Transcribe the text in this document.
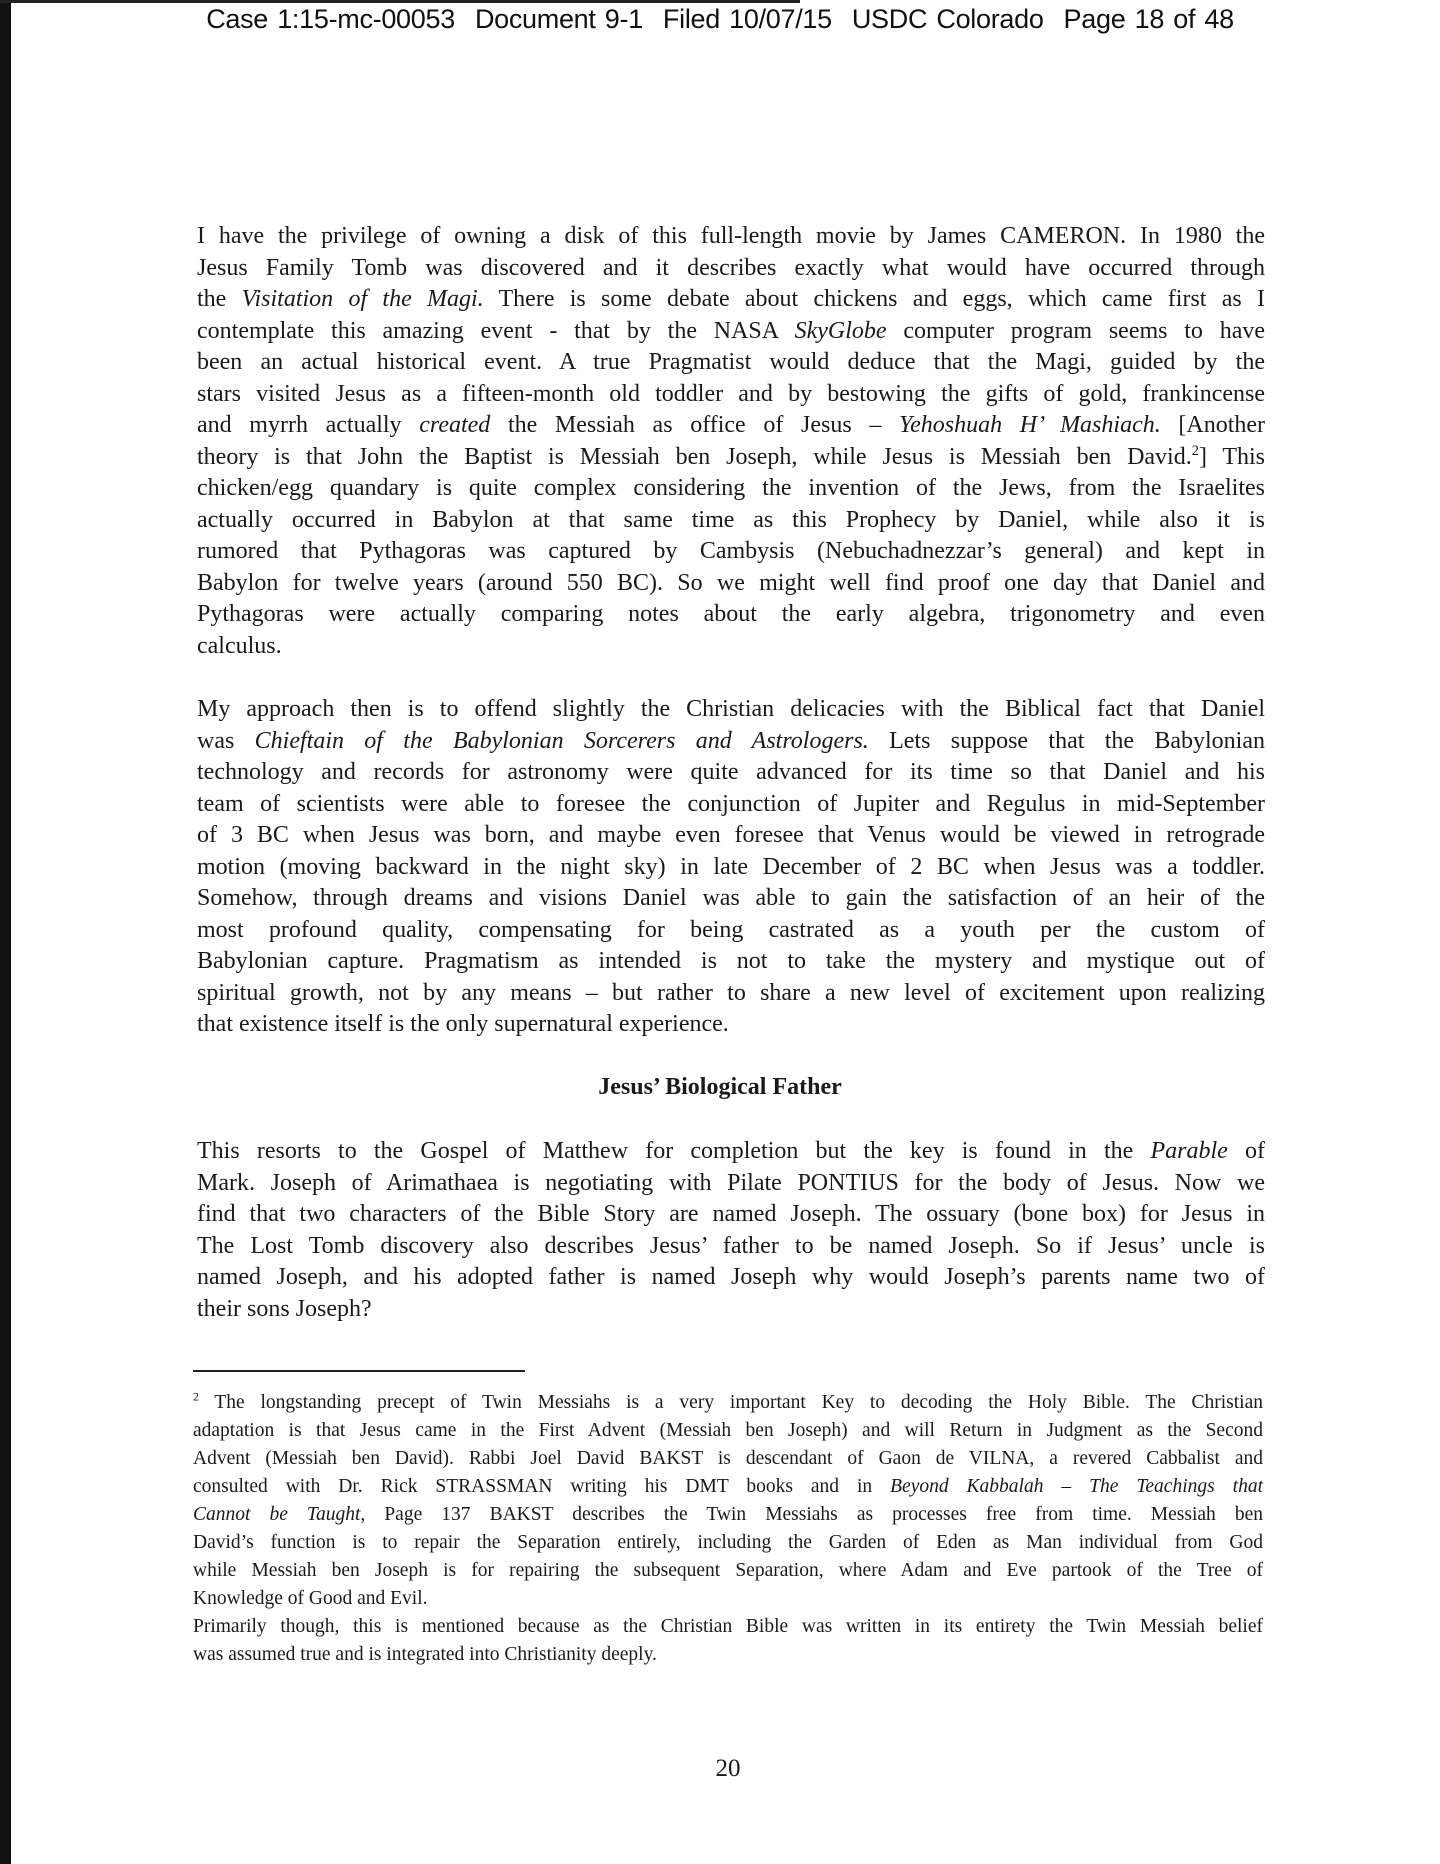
Case 1:15-mc-00053 Document 9-1 Filed 10/07/15 USDC Colorado Page 18 of 48
I have the privilege of owning a disk of this full-length movie by James CAMERON. In 1980 the
Jesus Family Tomb was discovered and it describes exactly what would have occurred through
the Visitation of the Magi. There is some debate about chickens and eggs, which came first as I
contemplate this amazing event - that by the NASA SkyGlobe computer program seems to have
been an actual historical event. A true Pragmatist would deduce that the Magi, guided by the
stars visited Jesus as a fifteen-month old toddler and by bestowing the gifts of gold, frankincense
and myrrh actually created the Messiah as office of Jesus – Yehoshuah H’ Mashiach. [Another
theory is that John the Baptist is Messiah ben Joseph, while Jesus is Messiah ben David.$^2$] This
chicken/egg quandary is quite complex considering the invention of the Jews, from the Israelites
actually occurred in Babylon at that same time as this Prophecy by Daniel, while also it is
rumored that Pythagoras was captured by Cambysis (Nebuchadnezzar’s general) and kept in
Babylon for twelve years (around 550 BC). So we might well find proof one day that Daniel and
Pythagoras were actually comparing notes about the early algebra, trigonometry and even
calculus.
My approach then is to offend slightly the Christian delicacies with the Biblical fact that Daniel
was Chieftain of the Babylonian Sorcerers and Astrologers. Lets suppose that the Babylonian
technology and records for astronomy were quite advanced for its time so that Daniel and his
team of scientists were able to foresee the conjunction of Jupiter and Regulus in mid-September
of 3 BC when Jesus was born, and maybe even foresee that Venus would be viewed in retrograde
motion (moving backward in the night sky) in late December of 2 BC when Jesus was a toddler.
Somehow, through dreams and visions Daniel was able to gain the satisfaction of an heir of the
most profound quality, compensating for being castrated as a youth per the custom of
Babylonian capture. Pragmatism as intended is not to take the mystery and mystique out of
spiritual growth, not by any means – but rather to share a new level of excitement upon realizing
that existence itself is the only supernatural experience.
Jesus’ Biological Father
This resorts to the Gospel of Matthew for completion but the key is found in the Parable of
Mark. Joseph of Arimathaea is negotiating with Pilate PONTIUS for the body of Jesus. Now we
find that two characters of the Bible Story are named Joseph. The ossuary (bone box) for Jesus in
The Lost Tomb discovery also describes Jesus’ father to be named Joseph. So if Jesus’ uncle is
named Joseph, and his adopted father is named Joseph why would Joseph’s parents name two of
their sons Joseph?
$^2$ The longstanding precept of Twin Messiahs is a very important Key to decoding the Holy Bible. The Christian
adaptation is that Jesus came in the First Advent (Messiah ben Joseph) and will Return in Judgment as the Second
Advent (Messiah ben David). Rabbi Joel David BAKST is descendant of Gaon de VILNA, a revered Cabbalist and
consulted with Dr. Rick STRASSMAN writing his DMT books and in Beyond Kabbalah – The Teachings that
Cannot be Taught, Page 137 BAKST describes the Twin Messiahs as processes free from time. Messiah ben
David’s function is to repair the Separation entirely, including the Garden of Eden as Man individual from God
while Messiah ben Joseph is for repairing the subsequent Separation, where Adam and Eve partook of the Tree of
Knowledge of Good and Evil.
Primarily though, this is mentioned because as the Christian Bible was written in its entirety the Twin Messiah belief
was assumed true and is integrated into Christianity deeply.
20
